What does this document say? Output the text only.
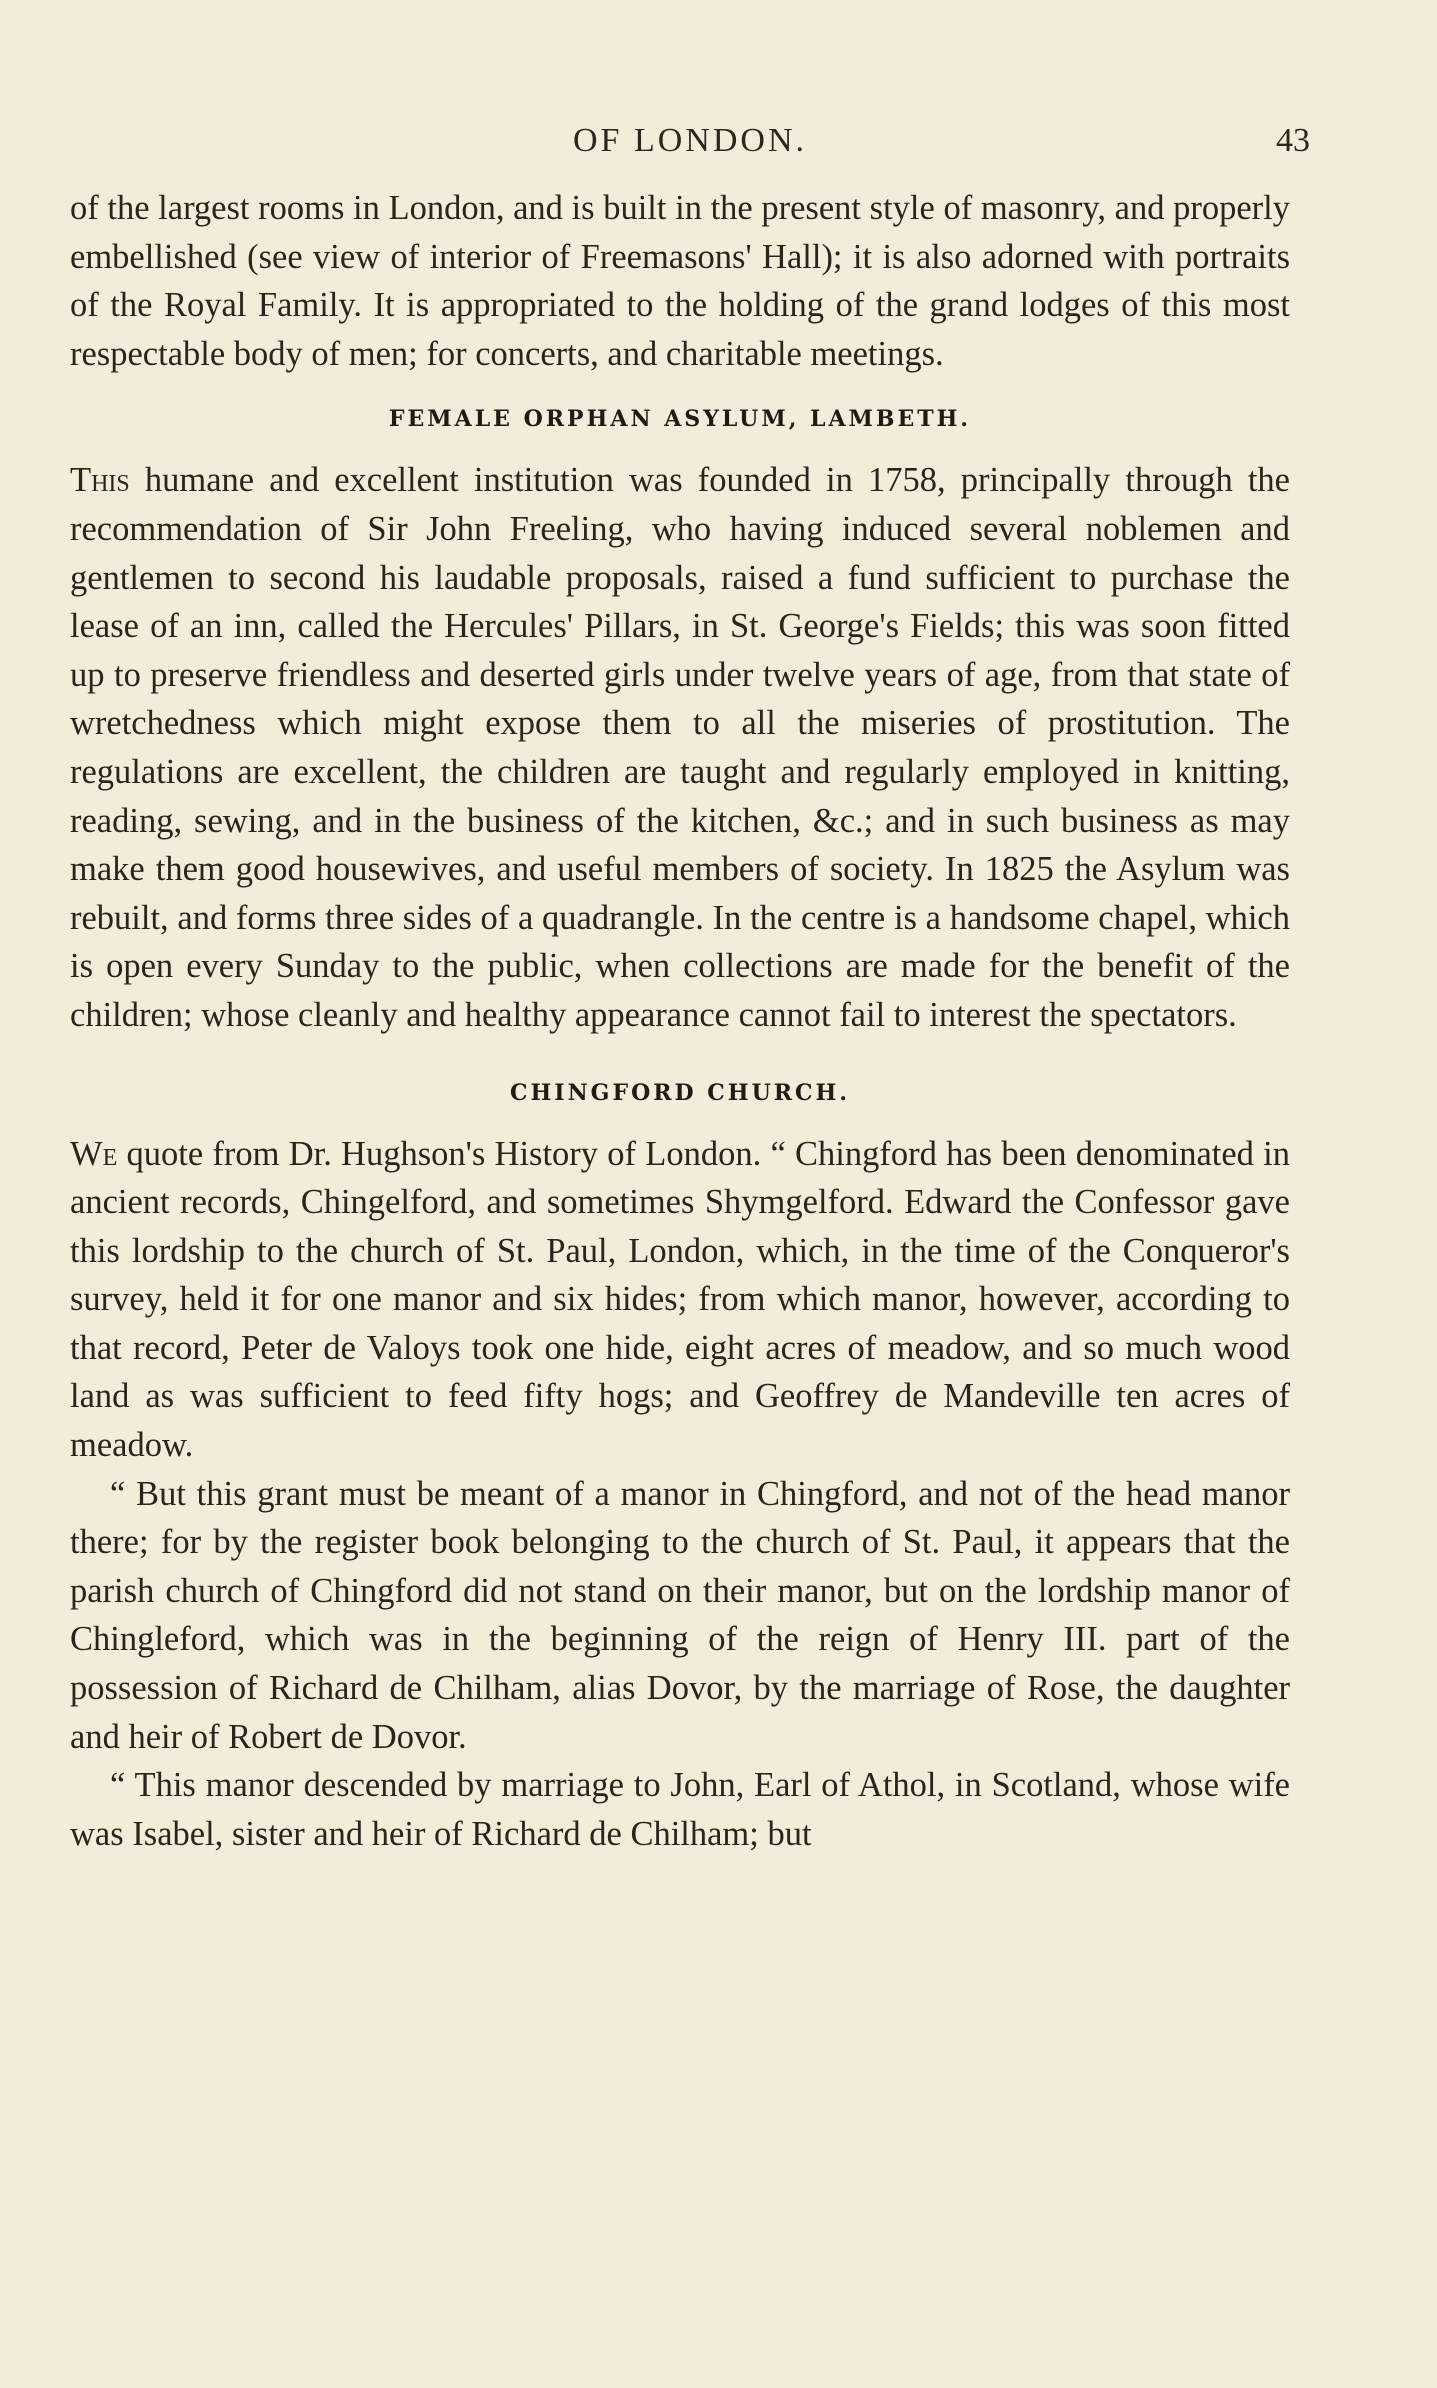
OF LONDON.	43

of the largest rooms in London, and is built in the present style of masonry, and properly embellished (see view of interior of Freemasons' Hall); it is also adorned with portraits of the Royal Family. It is appropriated to the holding of the grand lodges of this most respectable body of men; for concerts, and charitable meetings.

FEMALE ORPHAN ASYLUM, LAMBETH.

This humane and excellent institution was founded in 1758, principally through the recommendation of Sir John Freeling, who having induced several noblemen and gentlemen to second his laudable proposals, raised a fund sufficient to purchase the lease of an inn, called the Hercules' Pillars, in St. George's Fields; this was soon fitted up to preserve friendless and deserted girls under twelve years of age, from that state of wretchedness which might expose them to all the miseries of prostitution. The regulations are excellent, the children are taught and regularly employed in knitting, reading, sewing, and in the business of the kitchen, &c.; and in such business as may make them good housewives, and useful members of society. In 1825 the Asylum was rebuilt, and forms three sides of a quadrangle. In the centre is a handsome chapel, which is open every Sunday to the public, when collections are made for the benefit of the children; whose cleanly and healthy appearance cannot fail to interest the spectators.

CHINGFORD CHURCH.

We quote from Dr. Hughson's History of London. “ Chingford has been denominated in ancient records, Chingelford, and sometimes Shymgelford. Edward the Confessor gave this lordship to the church of St. Paul, London, which, in the time of the Conqueror's survey, held it for one manor and six hides; from which manor, however, according to that record, Peter de Valoys took one hide, eight acres of meadow, and so much wood land as was sufficient to feed fifty hogs; and Geoffrey de Mandeville ten acres of meadow.

“ But this grant must be meant of a manor in Chingford, and not of the head manor there; for by the register book belonging to the church of St. Paul, it appears that the parish church of Chingford did not stand on their manor, but on the lordship manor of Chingleford, which was in the beginning of the reign of Henry III. part of the possession of Richard de Chilham, alias Dovor, by the marriage of Rose, the daughter and heir of Robert de Dovor.

“ This manor descended by marriage to John, Earl of Athol, in Scotland, whose wife was Isabel, sister and heir of Richard de Chilham; but
